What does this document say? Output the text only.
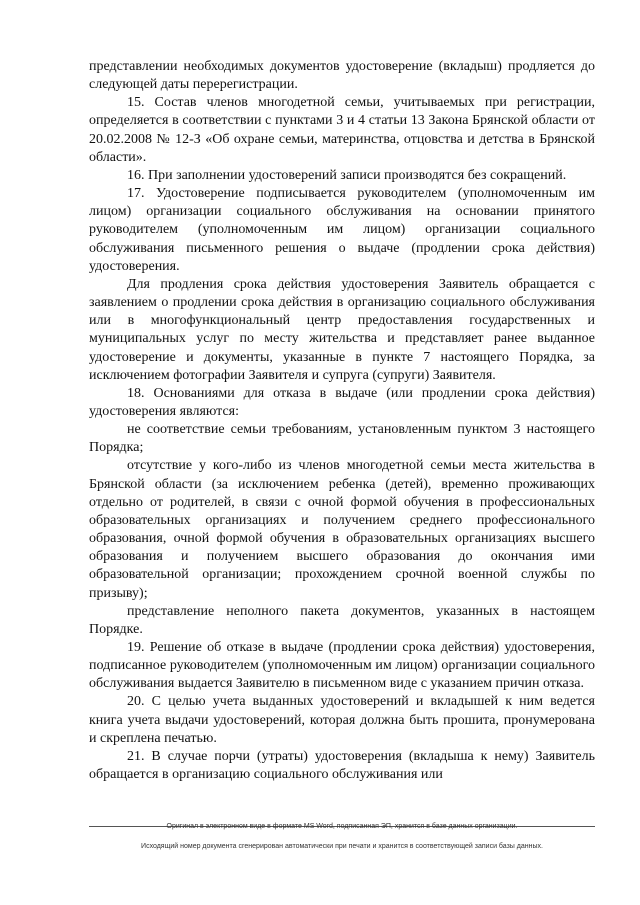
представлении необходимых документов удостоверение (вкладыш) продляется до следующей даты перерегистрации.

15. Состав членов многодетной семьи, учитываемых при регистрации, определяется в соответствии с пунктами 3 и 4 статьи 13 Закона Брянской области от 20.02.2008 № 12-З «Об охране семьи, материнства, отцовства и детства в Брянской области».

16. При заполнении удостоверений записи производятся без сокращений.

17. Удостоверение подписывается руководителем (уполномоченным им лицом) организации социального обслуживания на основании принятого руководителем (уполномоченным им лицом) организации социального обслуживания письменного решения о выдаче (продлении срока действия) удостоверения.

Для продления срока действия удостоверения Заявитель обращается с заявлением о продлении срока действия в организацию социального обслуживания или в многофункциональный центр предоставления государственных и муниципальных услуг по месту жительства и представляет ранее выданное удостоверение и документы, указанные в пункте 7 настоящего Порядка, за исключением фотографии Заявителя и супруга (супруги) Заявителя.

18. Основаниями для отказа в выдаче (или продлении срока действия) удостоверения являются:

не соответствие семьи требованиям, установленным пунктом 3 настоящего Порядка;

отсутствие у кого-либо из членов многодетной семьи места жительства в Брянской области (за исключением ребенка (детей), временно проживающих отдельно от родителей, в связи с очной формой обучения в профессиональных образовательных организациях и получением среднего профессионального образования, очной формой обучения в образовательных организациях высшего образования и получением высшего образования до окончания ими образовательной организации; прохождением срочной военной службы по призыву);

представление неполного пакета документов, указанных в настоящем Порядке.

19. Решение об отказе в выдаче (продлении срока действия) удостоверения, подписанное руководителем (уполномоченным им лицом) организации социального обслуживания выдается Заявителю в письменном виде с указанием причин отказа.

20. С целью учета выданных удостоверений и вкладышей к ним ведется книга учета выдачи удостоверений, которая должна быть прошита, пронумерована и скреплена печатью.

21. В случае порчи (утраты) удостоверения (вкладыша к нему) Заявитель обращается в организацию социального обслуживания или

Оригинал в электронном виде в формате MS Word, подписанная ЭП, хранится в базе данных организации.
Исходящий номер документа сгенерирован автоматически при печати и хранится в соответствующей записи базы данных.
